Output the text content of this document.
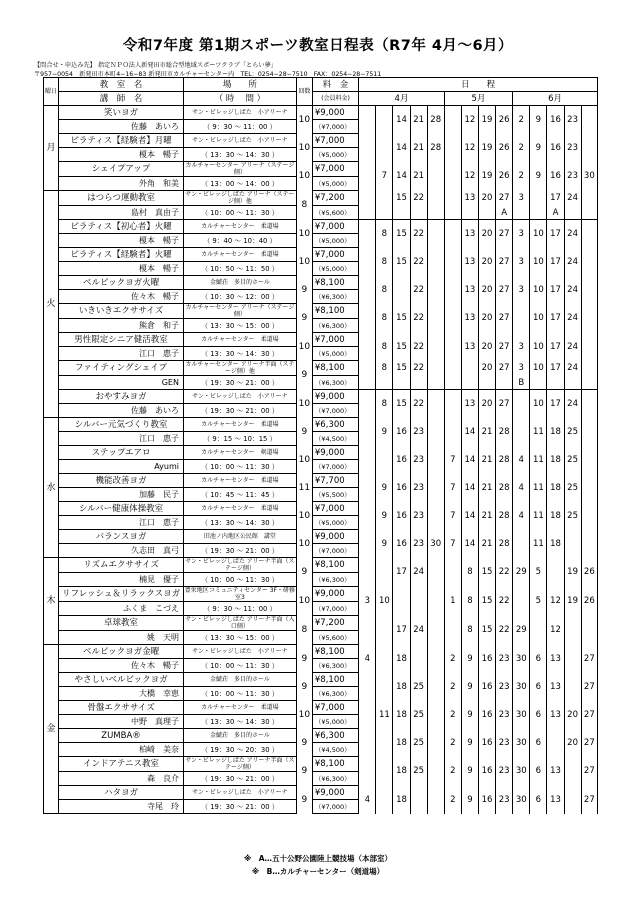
令和7年度 第1期スポーツ教室日程表（R7年 4月〜6月）
【問合せ・申込み先】 指定ＮＰＯ法人新発田市総合型地域スポーツクラブ「とらい夢」
〒957−0054　新発田市本町4−16−83 新発田市カルチャーセンター内　TEL：0254−28−7510　FAX：0254−28−7511
曜日	教　室　名	場　　所	回数	料　金	日　　程													
	講　師　名	（ 時　 間 ）		(会員料金)	4月					5月				6月				
月	笑いヨガ	サン・ビレッジしばた　小アリーナ	10	¥9,000			14	21	28		12	19	26	2	9	16	23	
	佐藤　あいろ	（ 9：30 〜 11：00 ）		（¥7,000）														
	ピラティス【経験者】月曜	サン・ビレッジしばた　小アリーナ	10	¥7,000			14	21	28		12	19	26	2	9	16	23	
	榎本　暢子	（ 13：30 〜 14：30 ）		（¥5,000）														
	シェイプアップ	カルチャーセンター アリーナ（ステージ側）	10	¥7,000		7	14	21			12	19	26	2	9	16	23	30
	外角　和美	（ 13：00 〜 14：00 ）		（¥5,000）														
火	はつらつ運動教室	サン・ビレッジしばた アリーナ（ステージ側）他	8	¥7,200			15	22			13	20	27	3		17	24	
	島村　真由子	（ 10：00 〜 11：30 ）		（¥5,600）									A			A		
	ピラティス【初心者】火曜	カルチャーセンター　柔道場	10	¥7,000		8	15	22			13	20	27	3	10	17	24	
	榎本　暢子	（ 9：40 〜 10：40 ）		（¥5,000）														
	ピラティス【経験者】火曜	カルチャーセンター　柔道場	10	¥7,000		8	15	22			13	20	27	3	10	17	24	
	榎本　暢子	（ 10：50 〜 11：50 ）		（¥5,000）														
	ベルビックヨガ火曜	金鯱荘　多目的ホール	9	¥8,100		8		22			13	20	27	3	10	17	24	
	佐々木　暢子	（ 10：30 〜 12：00 ）		（¥6,300）														
	いきいきエクササイズ	カルチャーセンター アリーナ（ステージ側）	9	¥8,100		8	15	22			13	20	27		10	17	24	
	熊倉　和子	（ 13：30 〜 15：00 ）		（¥6,300）														
	男性限定シニア健活教室	カルチャーセンター　柔道場	10	¥7,000		8	15	22			13	20	27	3	10	17	24	
	江口　惠子	（ 13：30 〜 14：30 ）		（¥5,000）														
	ファイティングシェイプ	カルチャーセンター アリーナ半面（ステージ側）他	9	¥8,100		8	15	22				20	27	3	10	17	24	
	GEN	（ 19：30 〜 21：00 ）		（¥6,300）										B				
	おやすみヨガ	サン・ビレッジしばた　小アリーナ	10	¥9,000		8	15	22			13	20	27		10	17	24	
	佐藤　あいろ	（ 19：30 〜 21：00 ）		（¥7,000）														
水	シルバー元気づくり教室	カルチャーセンター　柔道場	9	¥6,300		9	16	23			14	21	28		11	18	25	
	江口　惠子	（ 9：15 〜 10：15 ）		（¥4,500）														
	ステップエアロ	カルチャーセンター　剣道場	10	¥9,000			16	23		7	14	21	28	4	11	18	25	
	Ayumi	（ 10：00 〜 11：30 ）		（¥7,000）														
	機能改善ヨガ	カルチャーセンター　柔道場	11	¥7,700		9	16	23		7	14	21	28	4	11	18	25	
	加藤　民子	（ 10：45 〜 11：45 ）		（¥5,500）														
	シルバー健康体操教室	カルチャーセンター　柔道場	10	¥7,000		9	16	23		7	14	21	28	4	11	18	25	
	江口　惠子	（ 13：30 〜 14：30 ）		（¥5,000）														
	バランスヨガ	旧池ノ内地区公民館　講堂	10	¥9,000		9	16	23	30	7	14	21	28		11	18		
	久志田　真弓	（ 19：30 〜 21：00 ）		（¥7,000）														
木	リズムエクササイズ	サン・ビレッジしばた アリーナ半面（ステージ側）	9	¥8,100			17	24			8	15	22	29	5		19	26
	楠見　優子	（ 10：00 〜 11：30 ）		（¥6,300）														
	リフレッシュ＆リラックスヨガ	豊栄地区コミュニティセンター 3F・研修室3	10	¥9,000	3	10				1	8	15	22		5	12	19	26
	ふくま　こづえ	（ 9：30 〜 11：00 ）		（¥7,000）														
	卓球教室	サン・ビレッジしばた アリーナ半面（入口側）	8	¥7,200			17	24			8	15	22	29		12		
	姚　天明	（ 13：30 〜 15：00 ）		（¥5,600）														
金	ベルビックヨガ金曜	サン・ビレッジしばた　小アリーナ	9	¥8,100	4		18			2	9	16	23	30	6	13		27
	佐々木　暢子	（ 10：00 〜 11：30 ）		（¥6,300）														
	やさしいベルビックヨガ	金鯱荘　多目的ホール	9	¥8,100			18	25		2	9	16	23	30	6	13		27
	大橋　幸恵	（ 10：00 〜 11：30 ）		（¥6,300）														
	骨盤エクササイズ	カルチャーセンター　柔道場	10	¥7,000		11	18	25		2	9	16	23	30	6	13	20	27
	中野　真理子	（ 13：30 〜 14：30 ）		（¥5,000）														
	ZUMBA®	金鯱荘　多目的ホール	9	¥6,300			18	25		2	9	16	23	30	6		20	27
	柏崎　美奈	（ 19：30 〜 20：30 ）		（¥4,500）														
	インドアテニス教室	サン・ビレッジしばた アリーナ半面（ステージ側）	9	¥8,100			18	25		2	9	16	23	30	6	13		27
	森　良介	（ 19：30 〜 21：00 ）		（¥6,300）														
	ハタヨガ	サン・ビレッジしばた　小アリーナ	9	¥9,000	4		18			2	9	16	23	30	6	13		27
	寺尾　玲	（ 19：30 〜 21：00 ）		（¥7,000）														
※　A…五十公野公園陸上競技場（本部室）
※　B…カルチャーセンター（剣道場）
